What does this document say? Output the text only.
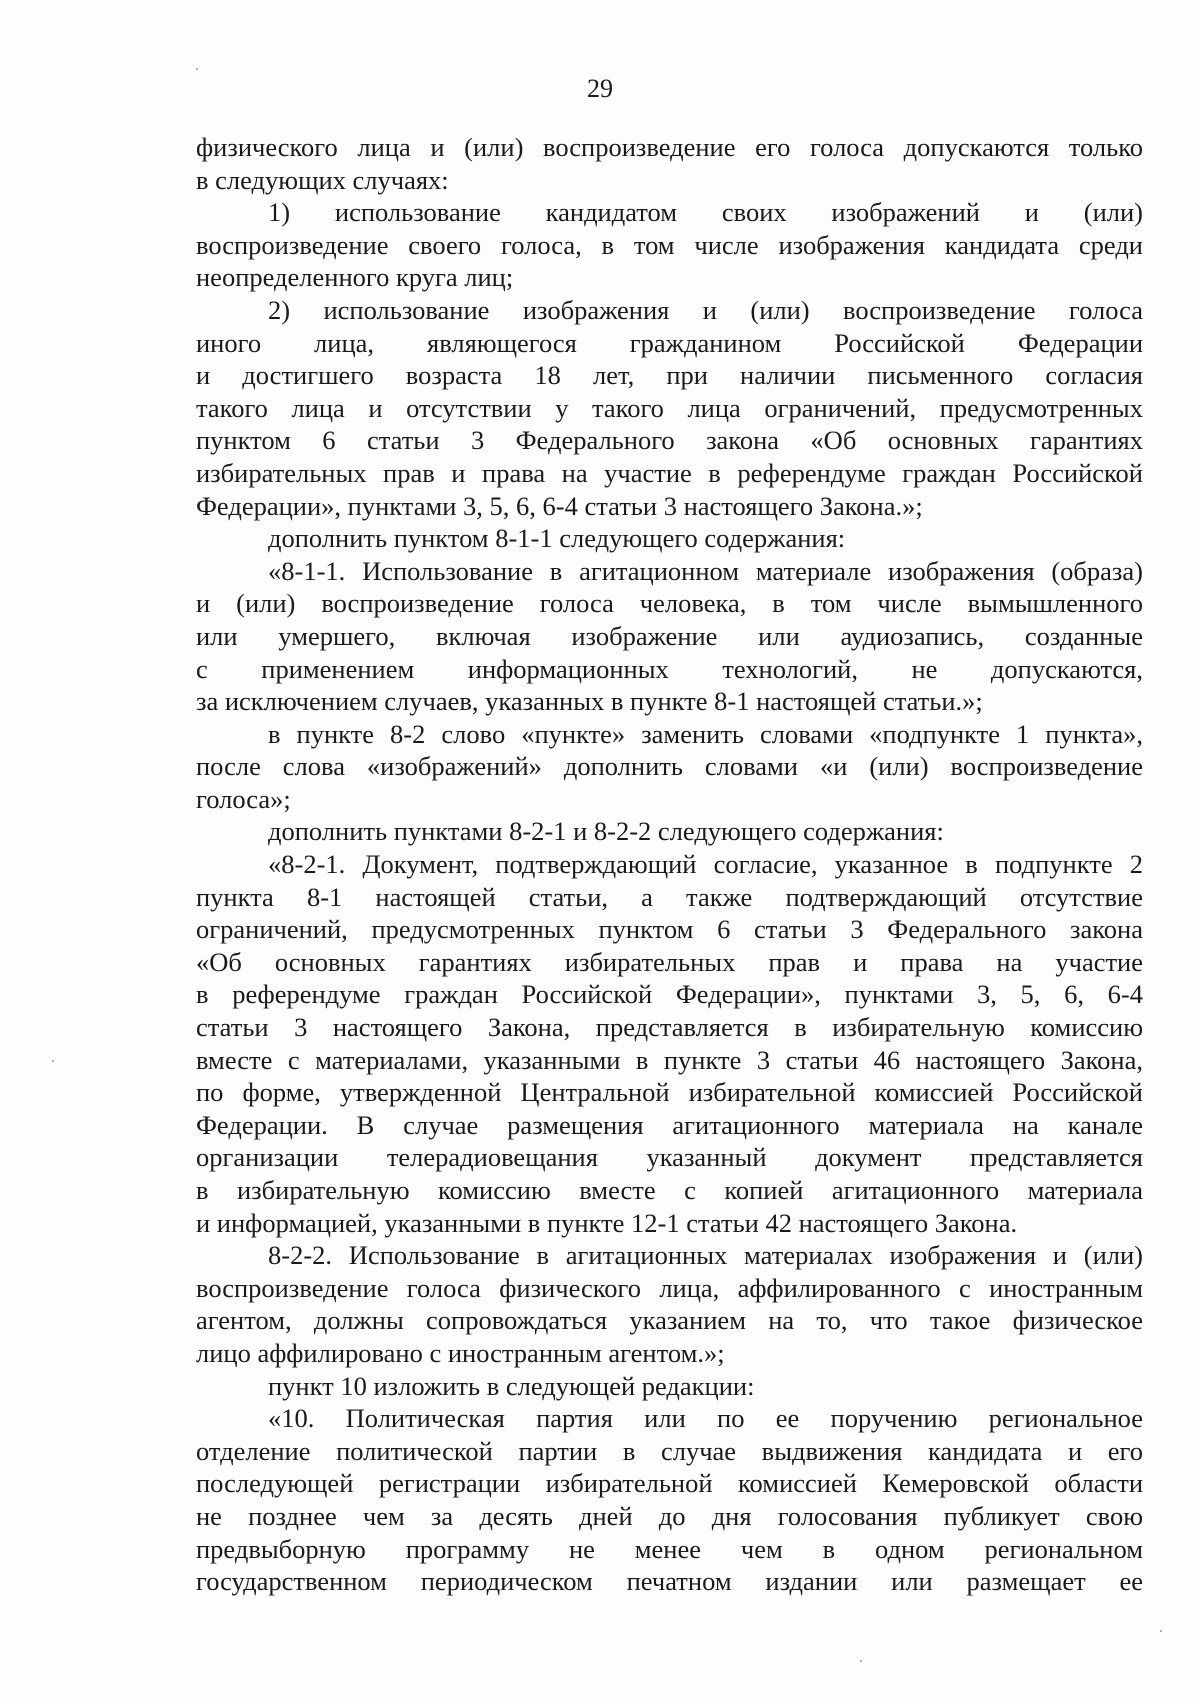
29

физического лица и (или) воспроизведение его голоса допускаются только

в следующих случаях:

1) использование кандидатом своих изображений и (или)

воспроизведение своего голоса, в том числе изображения кандидата среди

неопределенного круга лиц;

2) использование изображения и (или) воспроизведение голоса

иного лица, являющегося гражданином Российской Федерации

и достигшего возраста 18 лет, при наличии письменного согласия

такого лица и отсутствии у такого лица ограничений, предусмотренных

пунктом 6 статьи 3 Федерального закона «Об основных гарантиях

избирательных прав и права на участие в референдуме граждан Российской

Федерации», пунктами 3, 5, 6, 6-4 статьи 3 настоящего Закона.»;

дополнить пунктом 8-1-1 следующего содержания:

«8-1-1. Использование в агитационном материале изображения (образа)

и (или) воспроизведение голоса человека, в том числе вымышленного

или умершего, включая изображение или аудиозапись, созданные

с применением информационных технологий, не допускаются,

за исключением случаев, указанных в пункте 8-1 настоящей статьи.»;

в пункте 8-2 слово «пункте» заменить словами «подпункте 1 пункта»,

после слова «изображений» дополнить словами «и (или) воспроизведение

голоса»;

дополнить пунктами 8-2-1 и 8-2-2 следующего содержания:

«8-2-1. Документ, подтверждающий согласие, указанное в подпункте 2

пункта 8-1 настоящей статьи, а также подтверждающий отсутствие

ограничений, предусмотренных пунктом 6 статьи 3 Федерального закона

«Об основных гарантиях избирательных прав и права на участие

в референдуме граждан Российской Федерации», пунктами 3, 5, 6, 6-4

статьи 3 настоящего Закона, представляется в избирательную комиссию

вместе с материалами, указанными в пункте 3 статьи 46 настоящего Закона,

по форме, утвержденной Центральной избирательной комиссией Российской

Федерации. В случае размещения агитационного материала на канале

организации телерадиовещания указанный документ представляется

в избирательную комиссию вместе с копией агитационного материала

и информацией, указанными в пункте 12-1 статьи 42 настоящего Закона.

8-2-2. Использование в агитационных материалах изображения и (или)

воспроизведение голоса физического лица, аффилированного с иностранным

агентом, должны сопровождаться указанием на то, что такое физическое

лицо аффилировано с иностранным агентом.»;

пункт 10 изложить в следующей редакции:

«10. Политическая партия или по ее поручению региональное

отделение политической партии в случае выдвижения кандидата и его

последующей регистрации избирательной комиссией Кемеровской области

не позднее чем за десять дней до дня голосования публикует свою

предвыборную программу не менее чем в одном региональном

государственном периодическом печатном издании или размещает ее
